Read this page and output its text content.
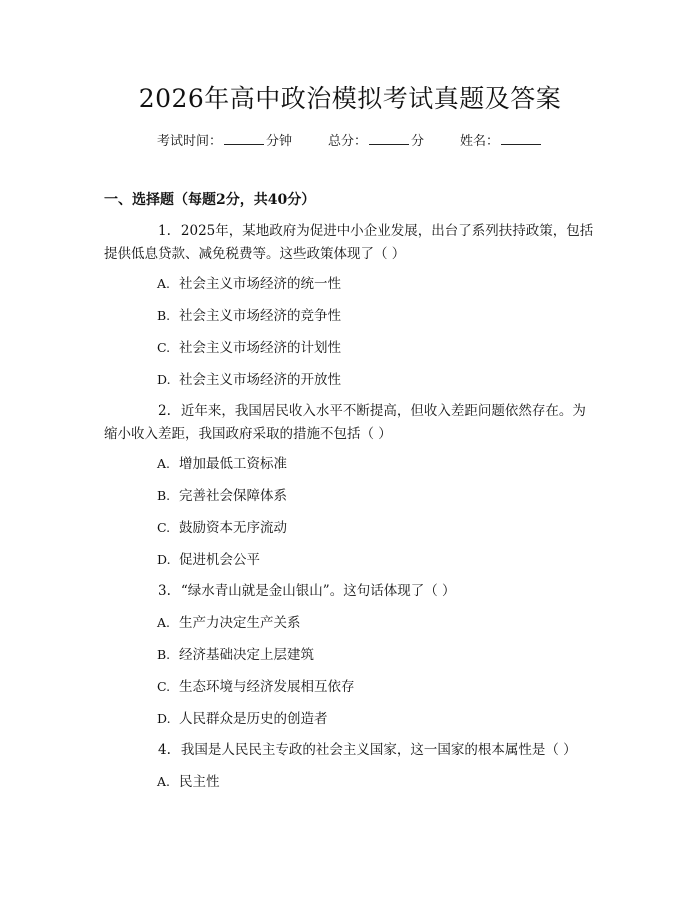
2026年高中政治模拟考试真题及答案
考试时间：	分钟	总分：	分	姓名：
一、选择题（每题2分，共40分）
1. 2025年，某地政府为促进中小企业发展，出台了系列扶持政策，包括提供低息贷款、减免税费等。这些政策体现了（ ）
A. 社会主义市场经济的统一性
B. 社会主义市场经济的竞争性
C. 社会主义市场经济的计划性
D. 社会主义市场经济的开放性
2. 近年来，我国居民收入水平不断提高，但收入差距问题依然存在。为缩小收入差距，我国政府采取的措施不包括（ ）
A. 增加最低工资标准
B. 完善社会保障体系
C. 鼓励资本无序流动
D. 促进机会公平
3. “绿水青山就是金山银山”。这句话体现了（ ）
A. 生产力决定生产关系
B. 经济基础决定上层建筑
C. 生态环境与经济发展相互依存
D. 人民群众是历史的创造者
4. 我国是人民民主专政的社会主义国家，这一国家的根本属性是（ ）
A. 民主性
